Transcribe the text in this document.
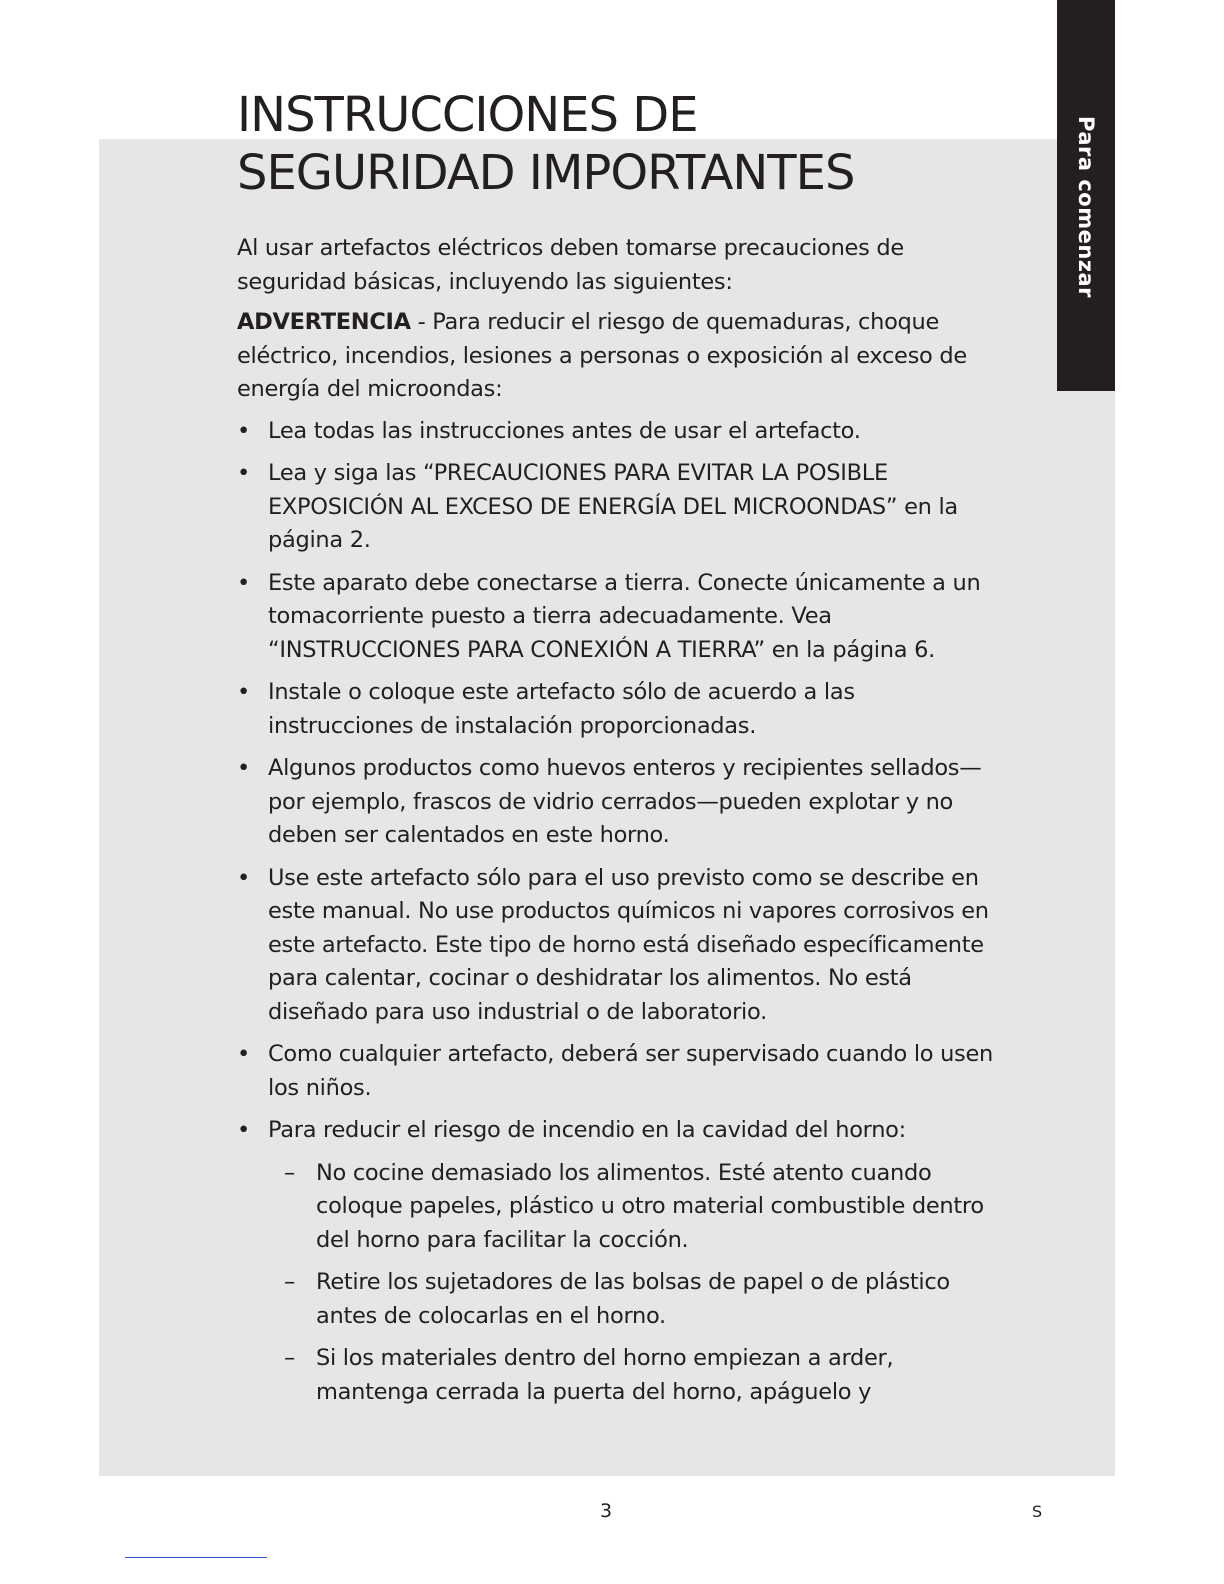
Para comenzar
INSTRUCCIONES DE
SEGURIDAD IMPORTANTES

Al usar artefactos eléctricos deben tomarse precauciones de seguridad básicas, incluyendo las siguientes:

ADVERTENCIA - Para reducir el riesgo de quemaduras, choque eléctrico, incendios, lesiones a personas o exposición al exceso de energía del microondas:

• Lea todas las instrucciones antes de usar el artefacto.
• Lea y siga las “PRECAUCIONES PARA EVITAR LA POSIBLE EXPOSICIÓN AL EXCESO DE ENERGÍA DEL MICROONDAS” en la página 2.
• Este aparato debe conectarse a tierra. Conecte únicamente a un tomacorriente puesto a tierra adecuadamente. Vea “INSTRUCCIONES PARA CONEXIÓN A TIERRA” en la página 6.
• Instale o coloque este artefacto sólo de acuerdo a las instrucciones de instalación proporcionadas.
• Algunos productos como huevos enteros y recipientes sellados—por ejemplo, frascos de vidrio cerrados—pueden explotar y no deben ser calentados en este horno.
• Use este artefacto sólo para el uso previsto como se describe en este manual. No use productos químicos ni vapores corrosivos en este artefacto. Este tipo de horno está diseñado específicamente para calentar, cocinar o deshidratar los alimentos. No está diseñado para uso industrial o de laboratorio.
• Como cualquier artefacto, deberá ser supervisado cuando lo usen los niños.
• Para reducir el riesgo de incendio en la cavidad del horno:
– No cocine demasiado los alimentos. Esté atento cuando coloque papeles, plástico u otro material combustible dentro del horno para facilitar la cocción.
– Retire los sujetadores de las bolsas de papel o de plástico antes de colocarlas en el horno.
– Si los materiales dentro del horno empiezan a arder, mantenga cerrada la puerta del horno, apáguelo y
3	S
